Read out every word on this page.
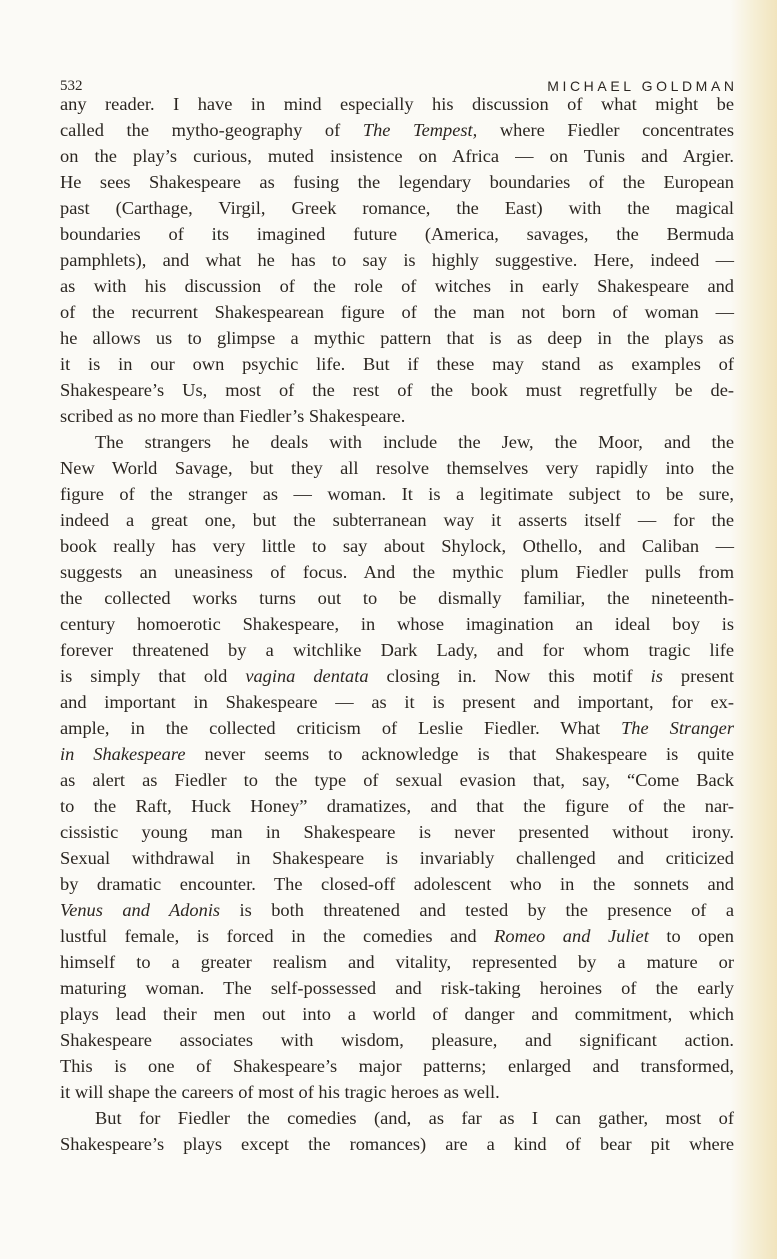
532	MICHAEL GOLDMAN
any reader. I have in mind especially his discussion of what might be
called the mytho-geography of The Tempest, where Fiedler concentrates
on the play’s curious, muted insistence on Africa — on Tunis and Argier.
He sees Shakespeare as fusing the legendary boundaries of the European
past (Carthage, Virgil, Greek romance, the East) with the magical
boundaries of its imagined future (America, savages, the Bermuda
pamphlets), and what he has to say is highly suggestive. Here, indeed —
as with his discussion of the role of witches in early Shakespeare and
of the recurrent Shakespearean figure of the man not born of woman —
he allows us to glimpse a mythic pattern that is as deep in the plays as
it is in our own psychic life. But if these may stand as examples of
Shakespeare’s Us, most of the rest of the book must regretfully be de-
scribed as no more than Fiedler’s Shakespeare.
The strangers he deals with include the Jew, the Moor, and the
New World Savage, but they all resolve themselves very rapidly into the
figure of the stranger as — woman. It is a legitimate subject to be sure,
indeed a great one, but the subterranean way it asserts itself — for the
book really has very little to say about Shylock, Othello, and Caliban —
suggests an uneasiness of focus. And the mythic plum Fiedler pulls from
the collected works turns out to be dismally familiar, the nineteenth-
century homoerotic Shakespeare, in whose imagination an ideal boy is
forever threatened by a witchlike Dark Lady, and for whom tragic life
is simply that old vagina dentata closing in. Now this motif is present
and important in Shakespeare — as it is present and important, for ex-
ample, in the collected criticism of Leslie Fiedler. What The Stranger
in Shakespeare never seems to acknowledge is that Shakespeare is quite
as alert as Fiedler to the type of sexual evasion that, say, “Come Back
to the Raft, Huck Honey” dramatizes, and that the figure of the nar-
cissistic young man in Shakespeare is never presented without irony.
Sexual withdrawal in Shakespeare is invariably challenged and criticized
by dramatic encounter. The closed-off adolescent who in the sonnets and
Venus and Adonis is both threatened and tested by the presence of a
lustful female, is forced in the comedies and Romeo and Juliet to open
himself to a greater realism and vitality, represented by a mature or
maturing woman. The self-possessed and risk-taking heroines of the early
plays lead their men out into a world of danger and commitment, which
Shakespeare associates with wisdom, pleasure, and significant action.
This is one of Shakespeare’s major patterns; enlarged and transformed,
it will shape the careers of most of his tragic heroes as well.
But for Fiedler the comedies (and, as far as I can gather, most of
Shakespeare’s plays except the romances) are a kind of bear pit where
